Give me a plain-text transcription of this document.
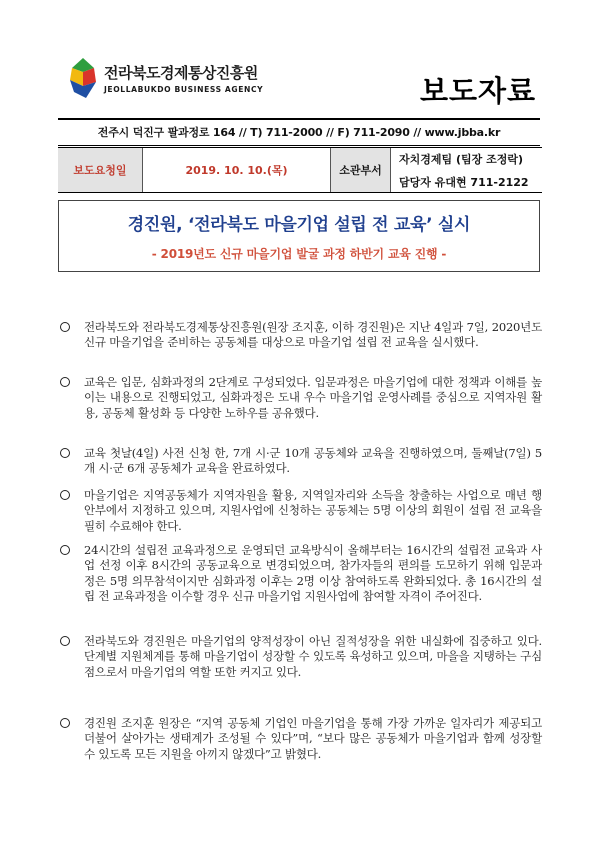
전라북도경제통상진흥원
JEOLLABUKDO BUSINESS AGENCY	보도자료
전주시 덕진구 팔과정로 164 // T) 711-2000 // F) 711-2090 // www.jbba.kr
보도요청일	2019. 10. 10.(목)	소관부서
자치경제팀 (팀장 조정락)
담당자 유대현 711-2122
경진원, ‘전라북도 마을기업 설립 전 교육’ 실시
- 2019년도 신규 마을기업 발굴 과정 하반기 교육 진행 -
전라북도와 전라북도경제통상진흥원(원장 조지훈, 이하 경진원)은 지난 4일과 7일, 2020년도 신규 마을기업을 준비하는 공동체를 대상으로 마을기업 설립 전 교육을 실시했다.
교육은 입문, 심화과정의 2단계로 구성되었다. 입문과정은 마을기업에 대한 정책과 이해를 높이는 내용으로 진행되었고, 심화과정은 도내 우수 마을기업 운영사례를 중심으로 지역자원 활용, 공동체 활성화 등 다양한 노하우를 공유했다.
교육 첫날(4일) 사전 신청 한, 7개 시·군 10개 공동체와 교육을 진행하였으며, 둘째날(7일) 5개 시·군 6개 공동체가 교육을 완료하였다.
마을기업은 지역공동체가 지역자원을 활용, 지역일자리와 소득을 창출하는 사업으로 매년 행안부에서 지정하고 있으며, 지원사업에 신청하는 공동체는 5명 이상의 회원이 설립 전 교육을 필히 수료해야 한다.
24시간의 설립전 교육과정으로 운영되던 교육방식이 올해부터는 16시간의 설립전 교육과 사업 선정 이후 8시간의 공동교육으로 변경되었으며, 참가자들의 편의를 도모하기 위해 입문과정은 5명 의무참석이지만 심화과정 이후는 2명 이상 참여하도록 완화되었다. 총 16시간의 설립 전 교육과정을 이수할 경우 신규 마을기업 지원사업에 참여할 자격이 주어진다.
전라북도와 경진원은 마을기업의 양적성장이 아닌 질적성장을 위한 내실화에 집중하고 있다. 단계별 지원체계를 통해 마을기업이 성장할 수 있도록 육성하고 있으며, 마을을 지탱하는 구심점으로서 마을기업의 역할 또한 커지고 있다.
경진원 조지훈 원장은 “지역 공동체 기업인 마을기업을 통해 가장 가까운 일자리가 제공되고 더불어 살아가는 생태계가 조성될 수 있다”며, “보다 많은 공동체가 마을기업과 함께 성장할 수 있도록 모든 지원을 아끼지 않겠다”고 밝혔다.
